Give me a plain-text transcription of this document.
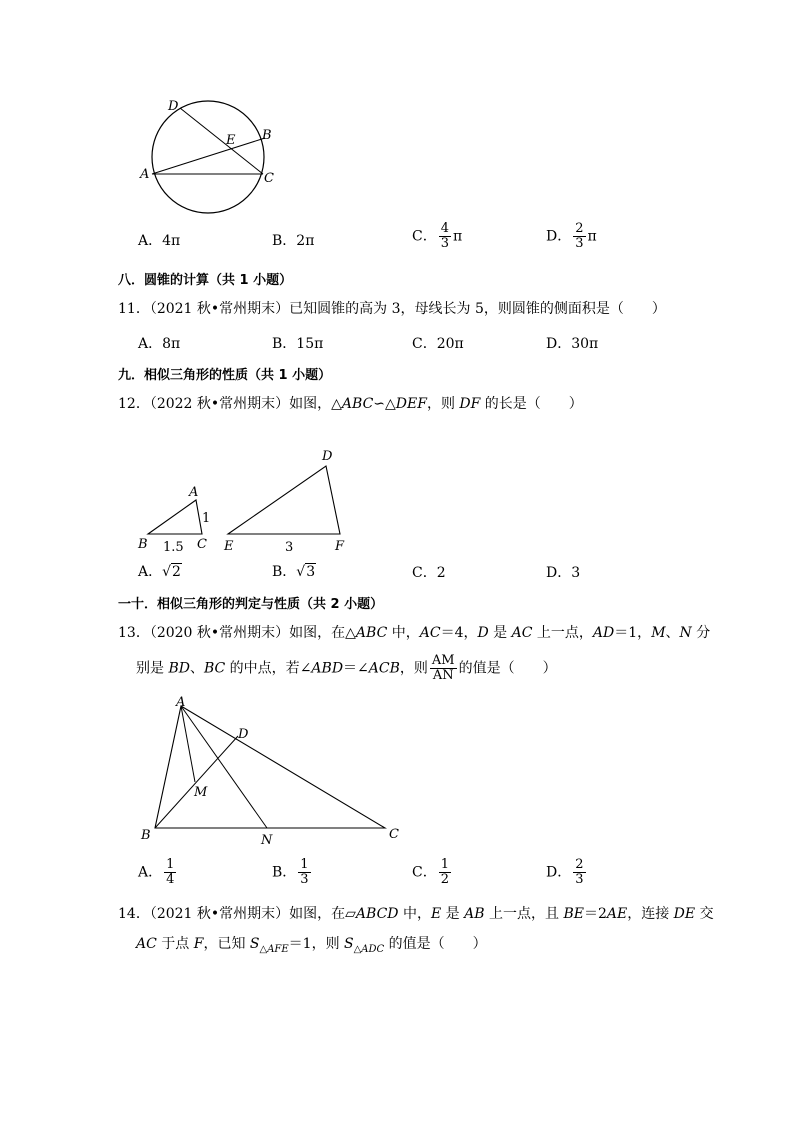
D
B
E
A	C
A．4π	B．2π	C． $\frac{4}{3}$ π	D． $\frac{2}{3}$ π
八．圆锥的计算（共 1 小题）
11．（2021 秋•常州期末）已知圆锥的高为 3，母线长为 5，则圆锥的侧面积是（　　）
A．8π	B．15π	C．20π	D．30π
九．相似三角形的性质（共 1 小题）
12．（2022 秋•常州期末）如图，△ABC∽△DEF，则 DF 的长是（　　）
A
B	C
1.5
1
D
E	F
3
A．√2	B．√3	C．2	D．3
一十．相似三角形的判定与性质（共 2 小题）
13．（2020 秋•常州期末）如图，在△ABC 中，AC＝4，D 是 AC 上一点，AD＝1，M、N 分
别是 BD、BC 的中点，若∠ABD＝∠ACB，则 $\frac{AM}{AN}$ 的值是（　　）
A
D
M
B	N	C
A． $\frac{1}{4}$	B． $\frac{1}{3}$	C． $\frac{1}{2}$	D． $\frac{2}{3}$
14．（2021 秋•常州期末）如图，在▱ABCD 中，E 是 AB 上一点，且 BE＝2AE，连接 DE 交
AC 于点 F，已知 $S_{\triangle AFE}=1$，则 $S_{\triangle ADC}$ 的值是（　　）
